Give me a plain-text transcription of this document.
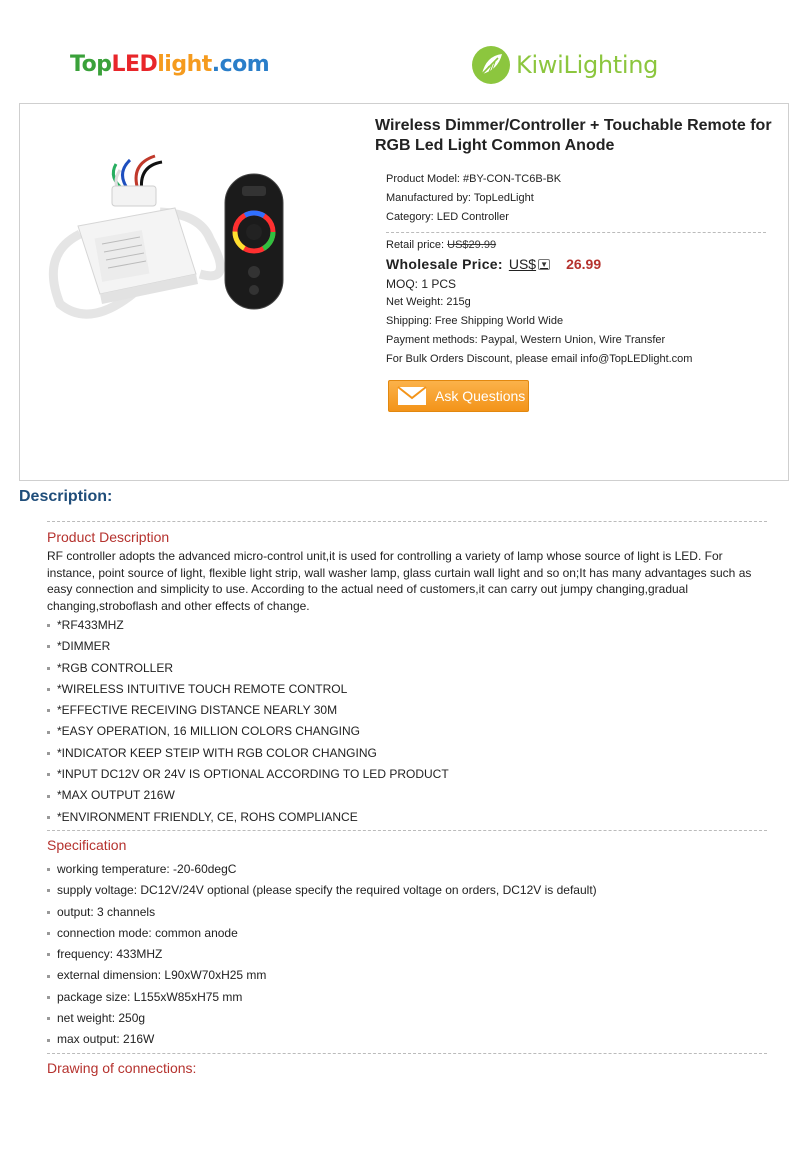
TopLEDlight.com	KiwiLighting
Wireless Dimmer/Controller + Touchable Remote for RGB Led Light Common Anode
Product Model: #BY-CON-TC6B-BK
Manufactured by: TopLedLight
Category: LED Controller
Retail price: US$29.99
Wholesale Price: US$ ▼ 26.99
MOQ: 1 PCS
Net Weight: 215g
Shipping: Free Shipping World Wide
Payment methods: Paypal, Western Union, Wire Transfer
For Bulk Orders Discount, please email info@TopLEDlight.com
Ask Questions
Description:
Product Description
RF controller adopts the advanced micro-control unit,it is used for controlling a variety of lamp whose source of light is LED. For instance, point source of light, flexible light strip, wall washer lamp, glass curtain wall light and so on;It has many advantages such as easy connection and simplicity to use. According to the actual need of customers,it can carry out jumpy changing,gradual changing,stroboflash and other effects of change.
*RF433MHZ
*DIMMER
*RGB CONTROLLER
*WIRELESS INTUITIVE TOUCH REMOTE CONTROL
*EFFECTIVE RECEIVING DISTANCE NEARLY 30M
*EASY OPERATION, 16 MILLION COLORS CHANGING
*INDICATOR KEEP STEIP WITH RGB COLOR CHANGING
*INPUT DC12V OR 24V IS OPTIONAL ACCORDING TO LED PRODUCT
*MAX OUTPUT 216W
*ENVIRONMENT FRIENDLY, CE, ROHS COMPLIANCE
Specification
working temperature: -20-60degC
supply voltage: DC12V/24V optional (please specify the required voltage on orders, DC12V is default)
output: 3 channels
connection mode: common anode
frequency: 433MHZ
external dimension: L90xW70xH25 mm
package size: L155xW85xH75 mm
net weight: 250g
max output: 216W
Drawing of connections:
